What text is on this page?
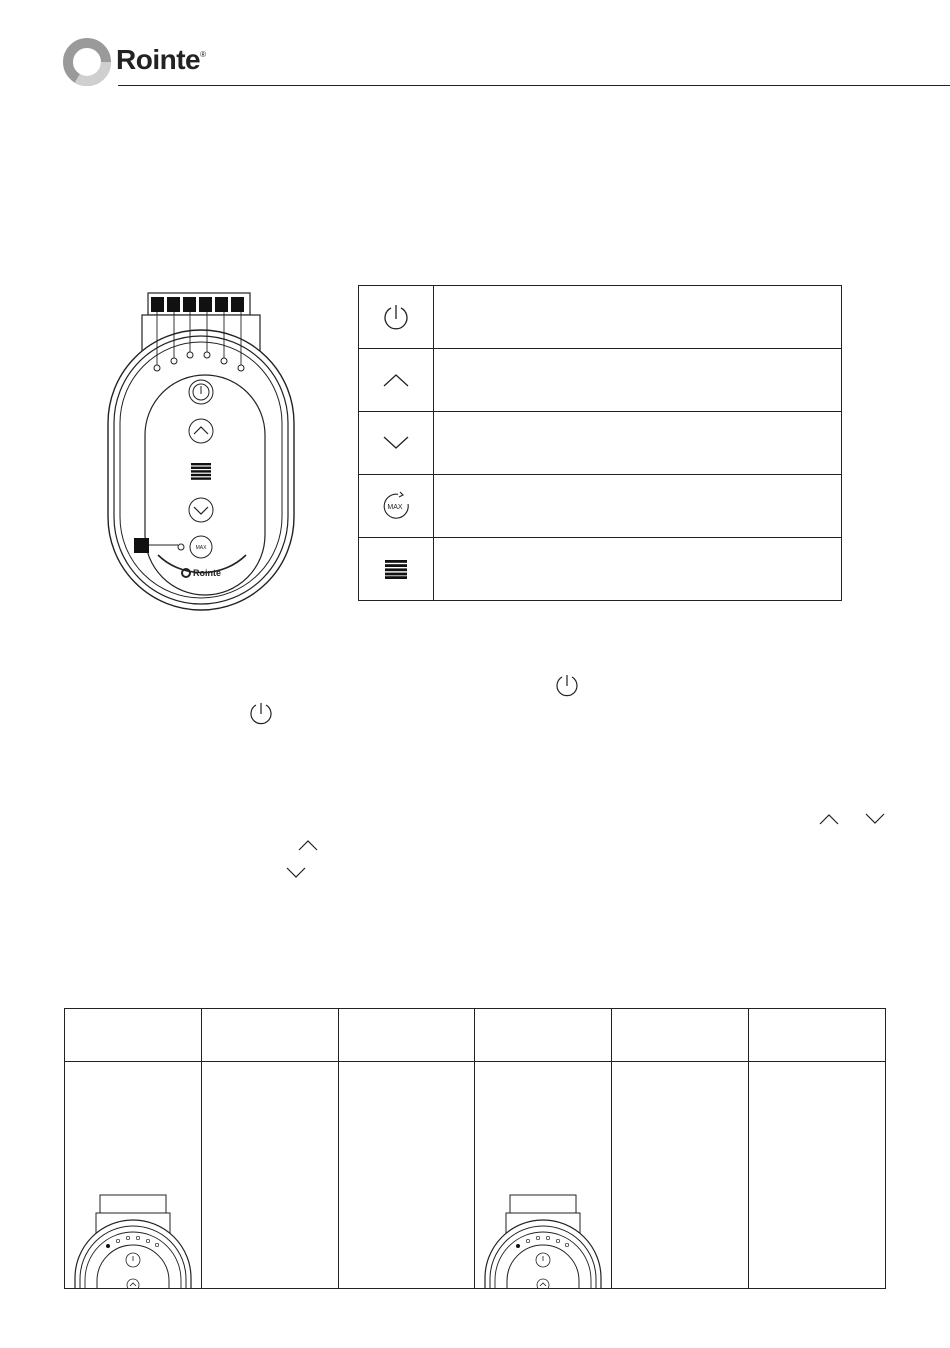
Rointe®
MAX
Rointe

MAX	
